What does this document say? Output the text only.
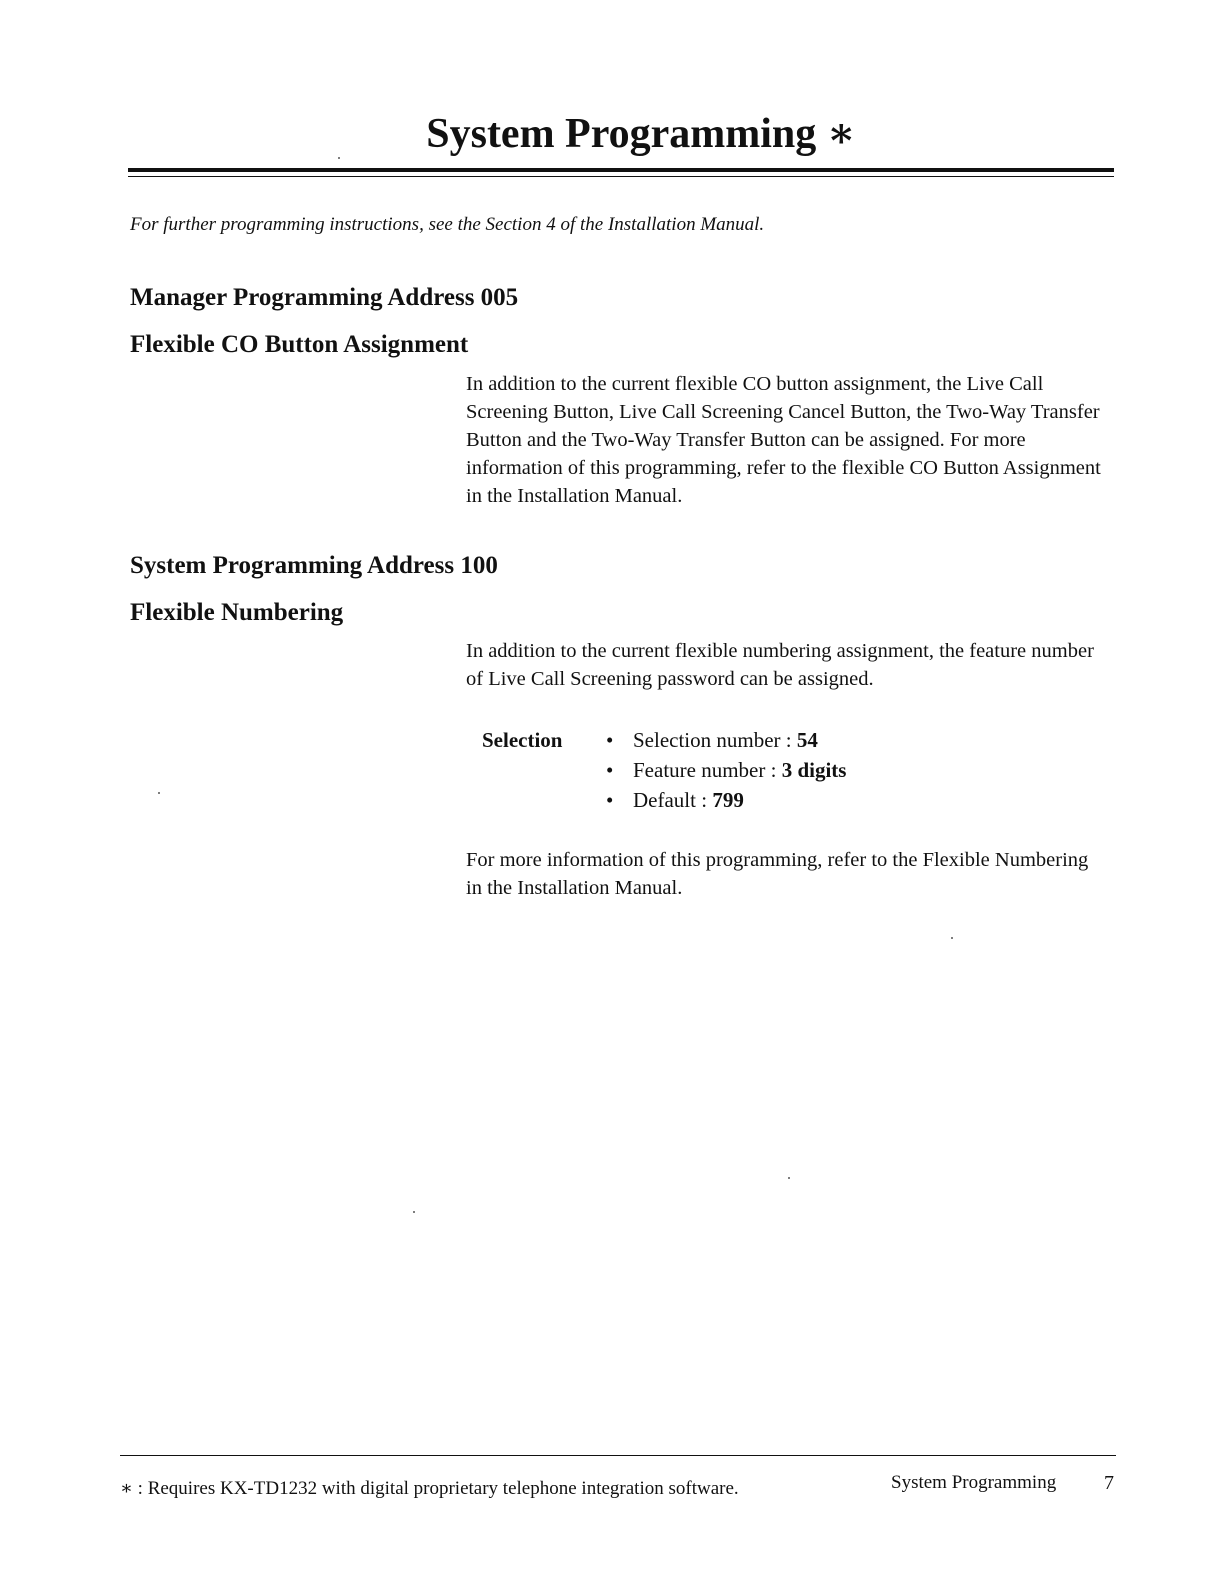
System Programming ∗
For further programming instructions, see the Section 4 of the Installation Manual.
Manager Programming Address 005
Flexible CO Button Assignment

In addition to the current flexible CO button assignment, the Live Call Screening Button, Live Call Screening Cancel Button, the Two-Way Transfer Button and the Two-Way Transfer Button can be assigned. For more information of this programming, refer to the flexible CO Button Assignment in the Installation Manual.

System Programming Address 100
Flexible Numbering

In addition to the current flexible numbering assignment, the feature number of Live Call Screening password can be assigned.

Selection • Selection number : 54
• Feature number : 3 digits
• Default : 799

For more information of this programming, refer to the Flexible Numbering in the Installation Manual.

∗ : Requires KX-TD1232 with digital proprietary telephone integration software.	System Programming 7
